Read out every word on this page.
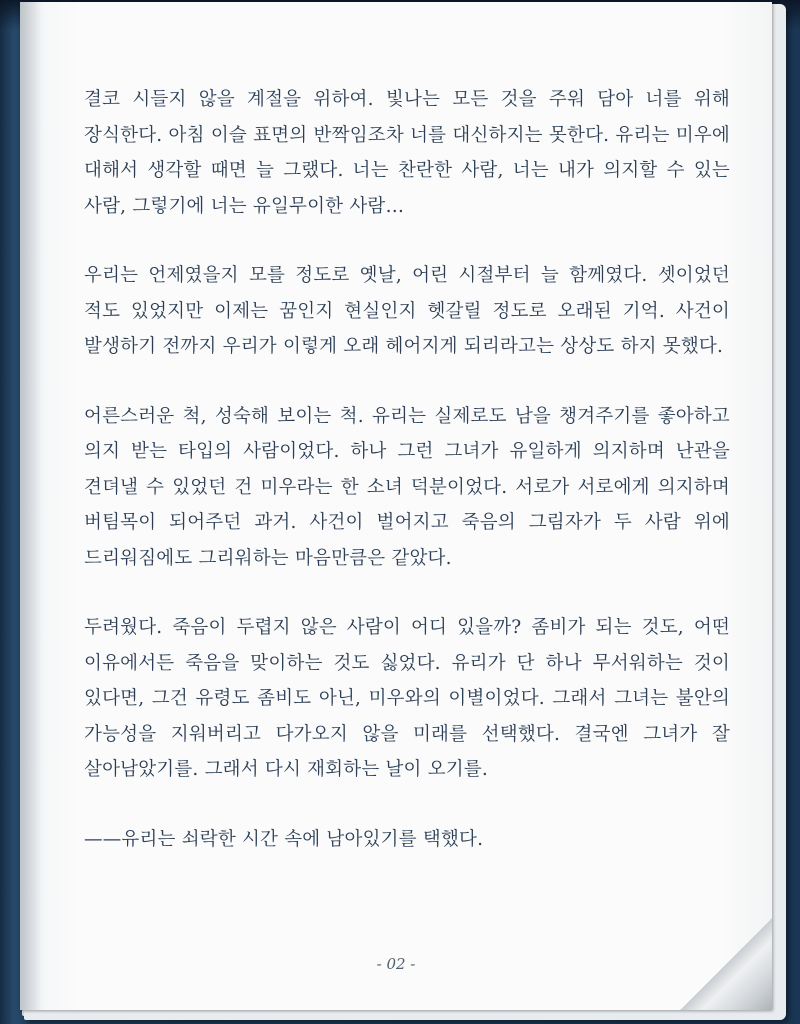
결코 시들지 않을 계절을 위하여. 빛나는 모든 것을 주워 담아 너를 위해 장식한다. 아침 이슬 표면의 반짝임조차 너를 대신하지는 못한다. 유리는 미우에 대해서 생각할 때면 늘 그랬다. 너는 찬란한 사람, 너는 내가 의지할 수 있는 사람, 그렇기에 너는 유일무이한 사람…

우리는 언제였을지 모를 정도로 옛날, 어린 시절부터 늘 함께였다. 셋이었던 적도 있었지만 이제는 꿈인지 현실인지 헷갈릴 정도로 오래된 기억. 사건이 발생하기 전까지 우리가 이렇게 오래 헤어지게 되리라고는 상상도 하지 못했다.

어른스러운 척, 성숙해 보이는 척. 유리는 실제로도 남을 챙겨주기를 좋아하고 의지 받는 타입의 사람이었다. 하나 그런 그녀가 유일하게 의지하며 난관을 견뎌낼 수 있었던 건 미우라는 한 소녀 덕분이었다. 서로가 서로에게 의지하며 버팀목이 되어주던 과거. 사건이 벌어지고 죽음의 그림자가 두 사람 위에 드리워짐에도 그리워하는 마음만큼은 같았다.

두려웠다. 죽음이 두렵지 않은 사람이 어디 있을까? 좀비가 되는 것도, 어떤 이유에서든 죽음을 맞이하는 것도 싫었다. 유리가 단 하나 무서워하는 것이 있다면, 그건 유령도 좀비도 아닌, 미우와의 이별이었다. 그래서 그녀는 불안의 가능성을 지워버리고 다가오지 않을 미래를 선택했다. 결국엔 그녀가 잘 살아남았기를. 그래서 다시 재회하는 날이 오기를.

——유리는 쇠락한 시간 속에 남아있기를 택했다.

- 02 -
